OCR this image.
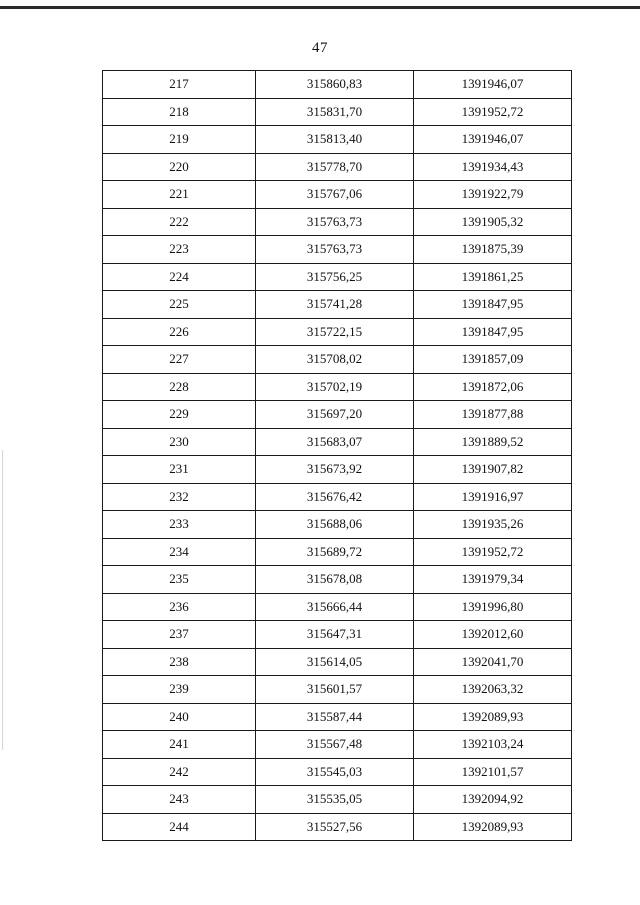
47
217	315860,83	1391946,07
218	315831,70	1391952,72
219	315813,40	1391946,07
220	315778,70	1391934,43
221	315767,06	1391922,79
222	315763,73	1391905,32
223	315763,73	1391875,39
224	315756,25	1391861,25
225	315741,28	1391847,95
226	315722,15	1391847,95
227	315708,02	1391857,09
228	315702,19	1391872,06
229	315697,20	1391877,88
230	315683,07	1391889,52
231	315673,92	1391907,82
232	315676,42	1391916,97
233	315688,06	1391935,26
234	315689,72	1391952,72
235	315678,08	1391979,34
236	315666,44	1391996,80
237	315647,31	1392012,60
238	315614,05	1392041,70
239	315601,57	1392063,32
240	315587,44	1392089,93
241	315567,48	1392103,24
242	315545,03	1392101,57
243	315535,05	1392094,92
244	315527,56	1392089,93
